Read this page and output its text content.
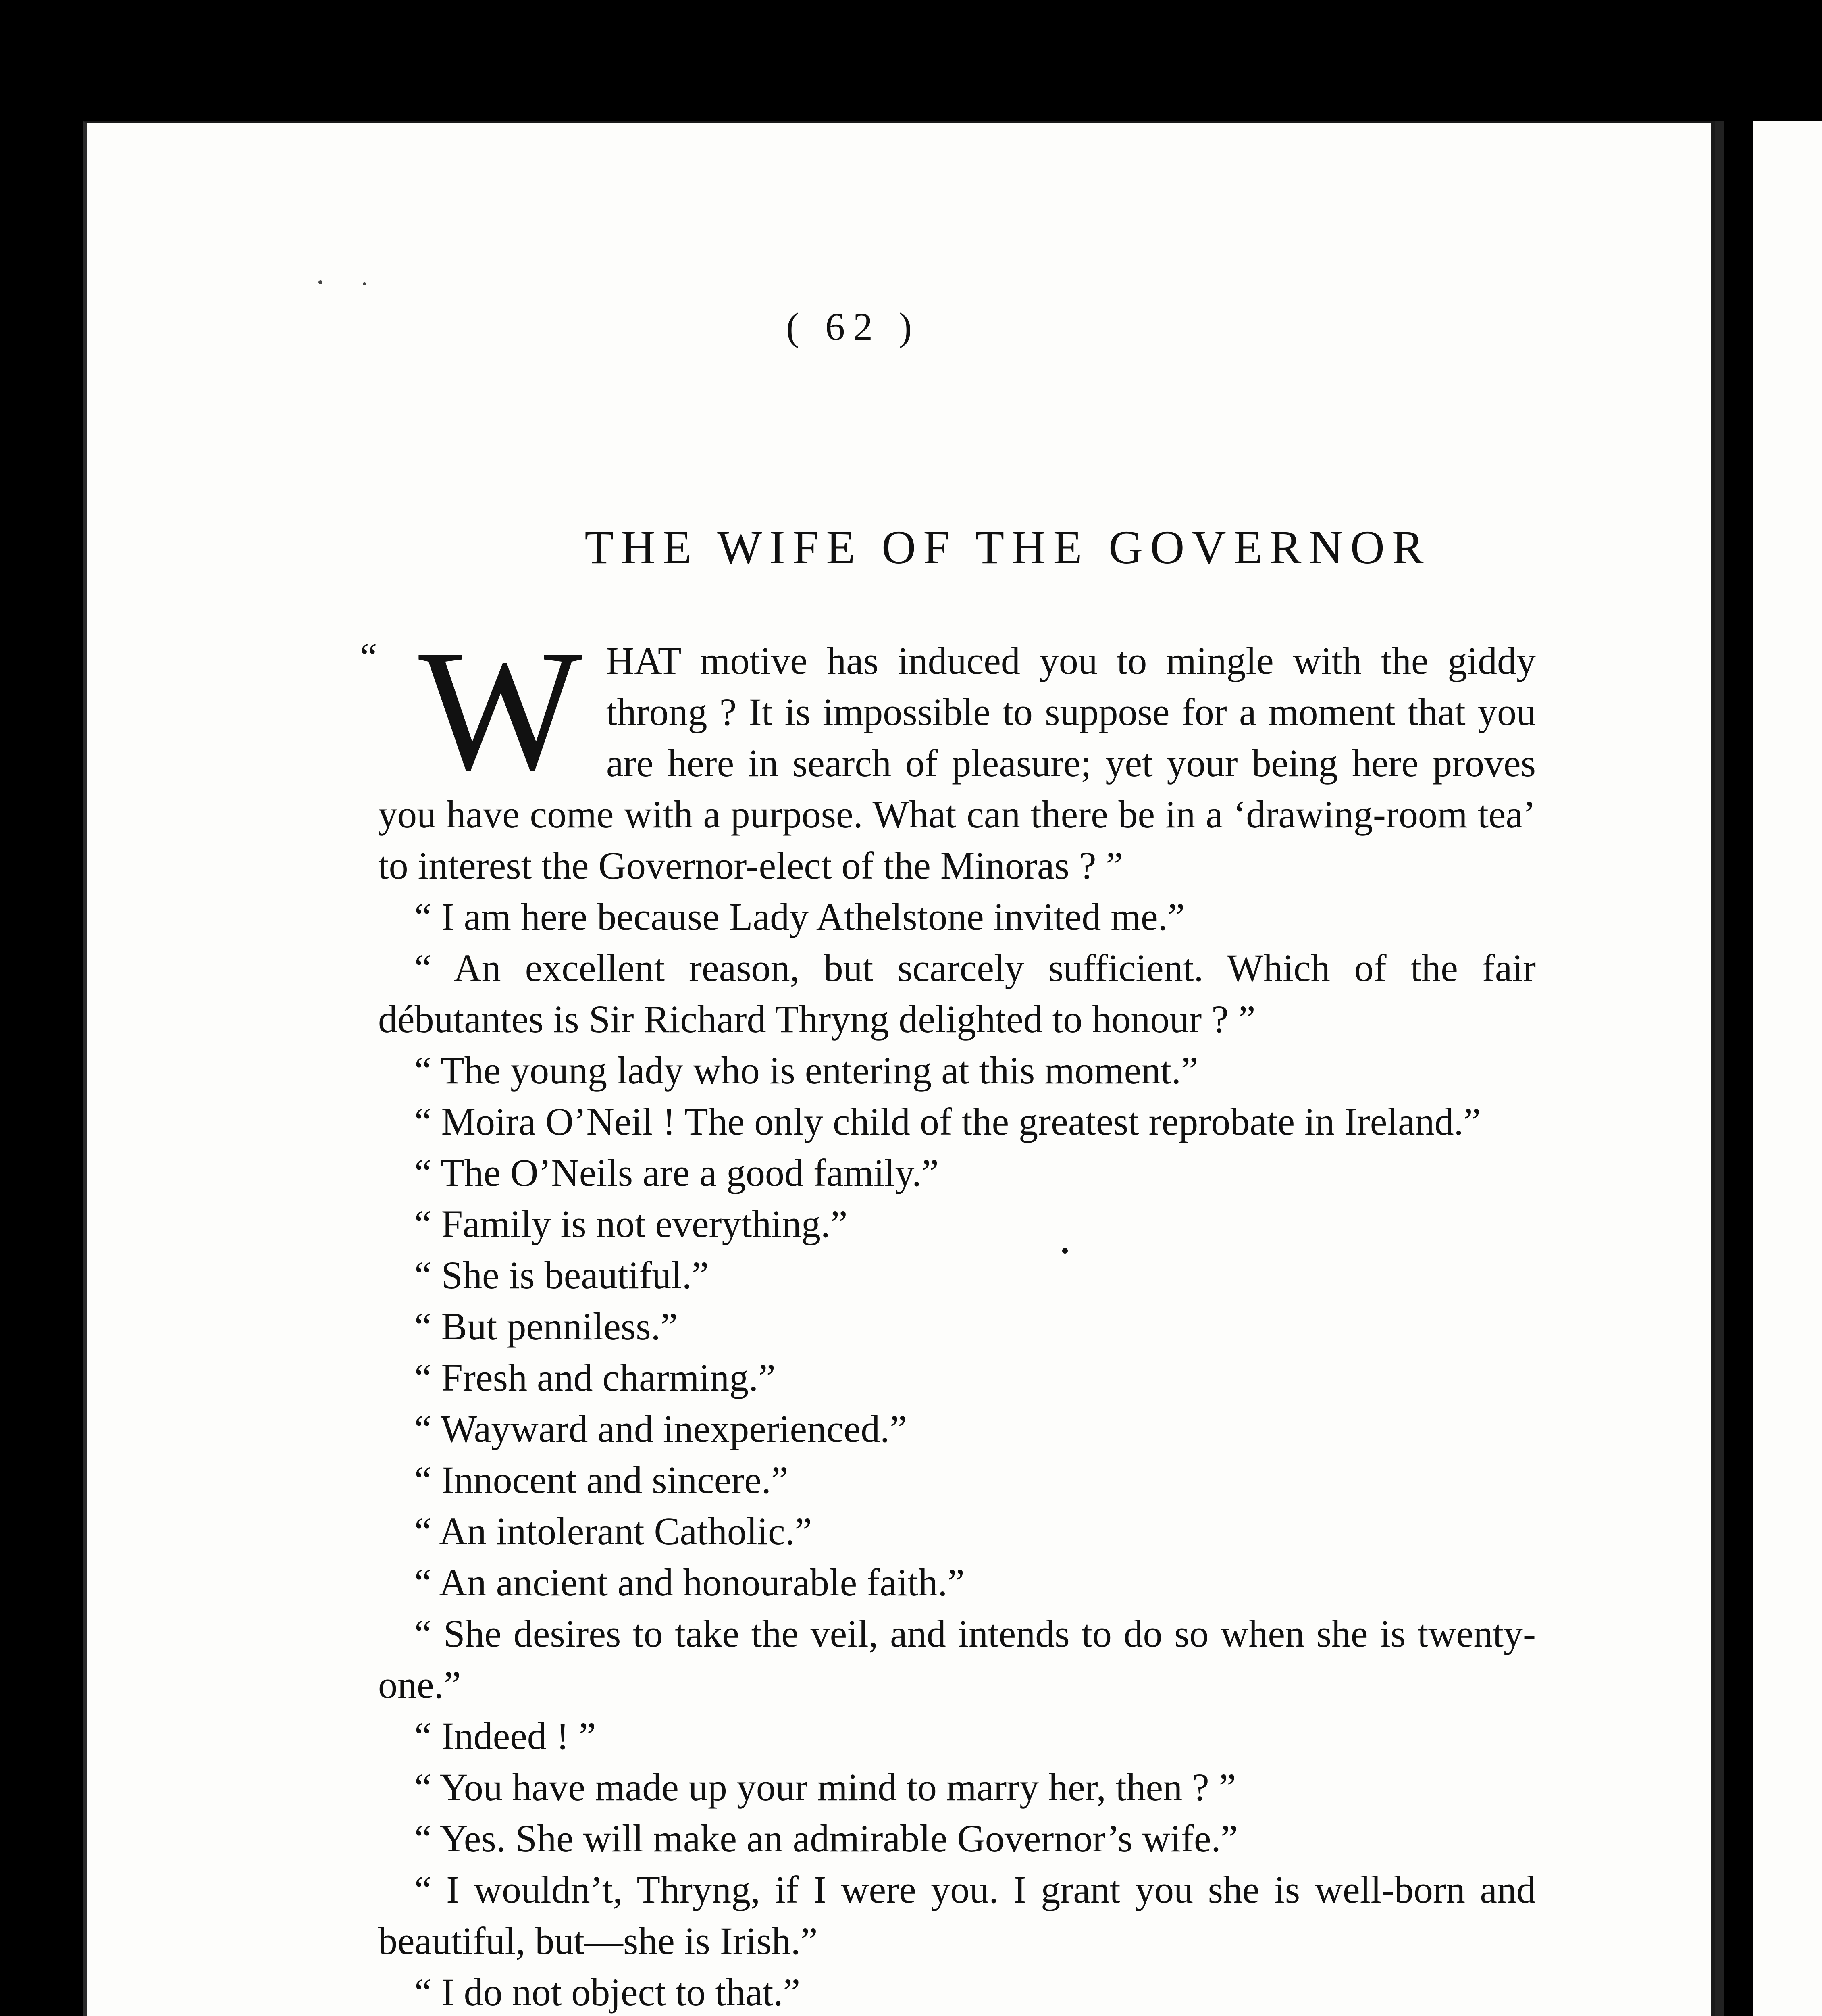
( 62 )
THE WIFE OF THE GOVERNOR

“ W HAT motive has induced you to mingle with the giddy throng ? It is impossible to suppose for a moment that you are here in search of pleasure; yet your being here proves you have come with a purpose. What can there be in a ‘drawing-room tea’ to interest the Governor-elect of the Minoras ? ”

“ I am here because Lady Athelstone invited me.”

“ An excellent reason, but scarcely sufficient. Which of the fair débutantes is Sir Richard Thryng delighted to honour ? ”

“ The young lady who is entering at this moment.”

“ Moira O’Neil ! The only child of the greatest reprobate in Ireland.”

“ The O’Neils are a good family.”

“ Family is not everything.”

“ She is beautiful.”

“ But penniless.”

“ Fresh and charming.”

“ Wayward and inexperienced.”

“ Innocent and sincere.”

“ An intolerant Catholic.”

“ An ancient and honourable faith.”

“ She desires to take the veil, and intends to do so when she is twenty-one.”

“ Indeed ! ”

“ You have made up your mind to marry her, then ? ”

“ Yes. She will make an admirable Governor’s wife.”

“ I wouldn’t, Thryng, if I were you. I grant you she is well-born and beautiful, but—she is Irish.”

“ I do not object to that.”
